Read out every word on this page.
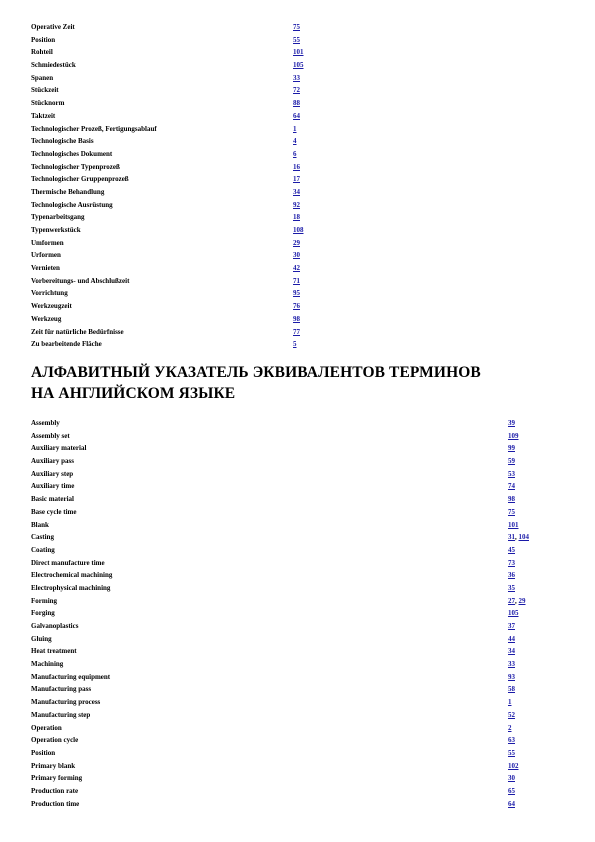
Operative Zeit	75
Position	55
Rohteil	101
Schmiedestück	105
Spanen	33
Stückzeit	72
Stücknorm	88
Taktzeit	64
Technologischer Prozeß, Fertigungsablauf	1
Technologische Basis	4
Technologisches Dokument	6
Technologischer Typenprozeß	16
Technologischer Gruppenprozeß	17
Thermische Behandlung	34
Technologische Ausrüstung	92
Typenarbeitsgang	18
Typenwerkstück	108
Umformen	29
Urformen	30
Vernieten	42
Vorbereitungs- und Abschlußzeit	71
Vorrichtung	95
Werkzeugzeit	76
Werkzeug	98
Zeit für natürliche Bedürfnisse	77
Zu bearbeitende Fläche	5
АЛФАВИТНЫЙ УКАЗАТЕЛЬ ЭКВИВАЛЕНТОВ ТЕРМИНОВ
НА АНГЛИЙСКОМ ЯЗЫКЕ
Assembly	39
Assembly set	109
Auxiliary material	99
Auxiliary pass	59
Auxiliary step	53
Auxiliary time	74
Basic material	98
Base cycle time	75
Blank	101
Casting	31, 104
Coating	45
Direct manufacture time	73
Electrochemical machining	36
Electrophysical machining	35
Forming	27, 29
Forging	105
Galvanoplastics	37
Gluing	44
Heat treatment	34
Machining	33
Manufacturing equipment	93
Manufacturing pass	58
Manufacturing process	1
Manufacturing step	52
Operation	2
Operation cycle	63
Position	55
Primary blank	102
Primary forming	30
Production rate	65
Production time	64
